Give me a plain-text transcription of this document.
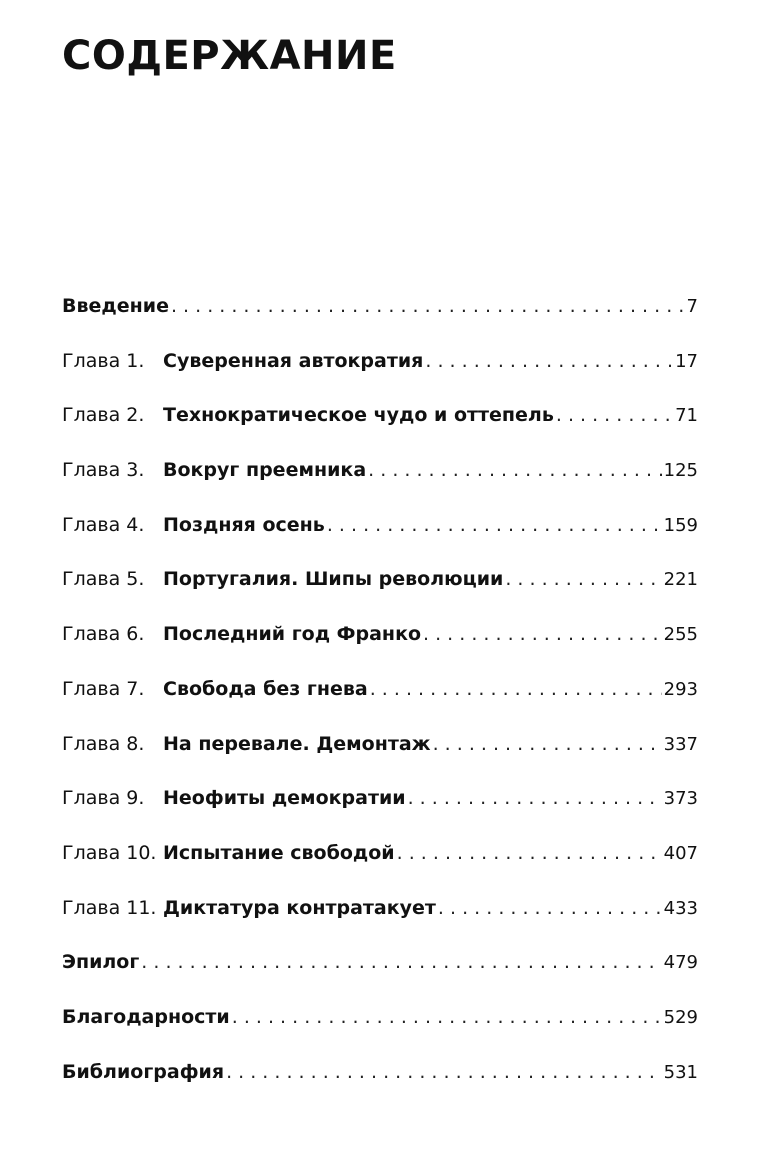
СОДЕРЖАНИЕ
Введение . . .	7
Глава 1. Суверенная автократия . . .	17
Глава 2. Технократическое чудо и оттепель . . .	71
Глава 3. Вокруг преемника . . .	125
Глава 4. Поздняя осень . . .	159
Глава 5. Португалия. Шипы революции . . .	221
Глава 6. Последний год Франко . . .	255
Глава 7. Свобода без гнева . . .	293
Глава 8. На перевале. Демонтаж . . .	337
Глава 9. Неофиты демократии . . .	373
Глава 10. Испытание свободой . . .	407
Глава 11. Диктатура контратакует . . .	433
Эпилог . . .	479
Благодарности . . .	529
Библиография . . .	531
